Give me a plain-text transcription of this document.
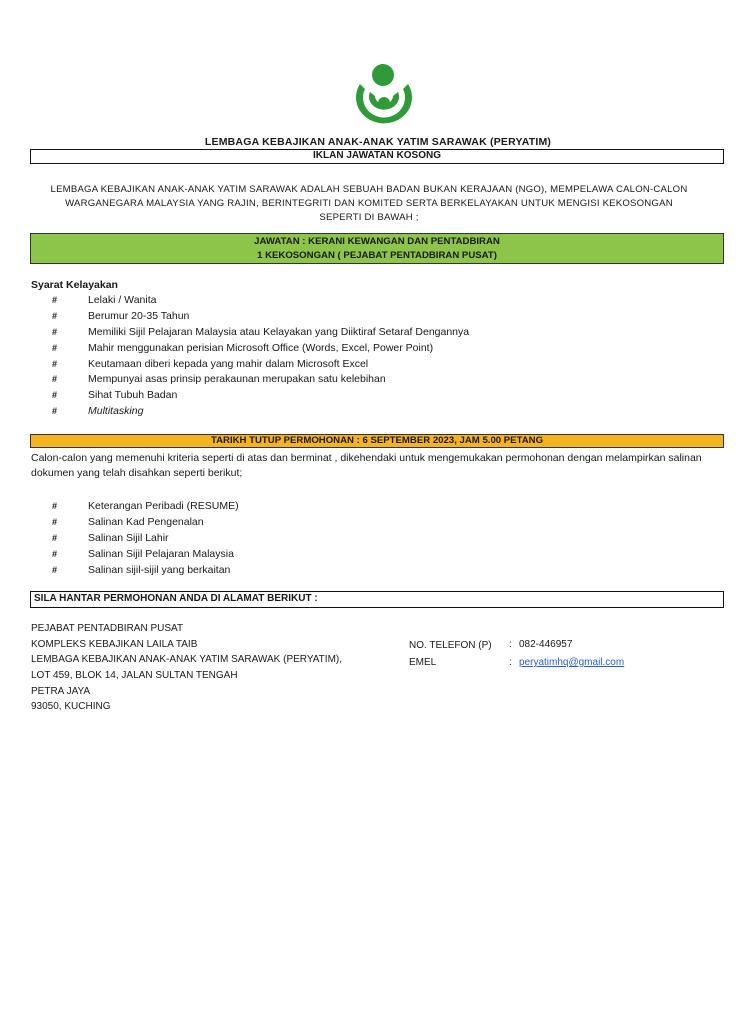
LEMBAGA KEBAJIKAN ANAK-ANAK YATIM SARAWAK (PERYATIM)
IKLAN JAWATAN KOSONG
LEMBAGA KEBAJIKAN ANAK-ANAK YATIM SARAWAK ADALAH SEBUAH BADAN BUKAN KERAJAAN (NGO), MEMPELAWA CALON-CALON WARGANEGARA MALAYSIA YANG RAJIN, BERINTEGRITI DAN KOMITED SERTA BERKELAYAKAN UNTUK MENGISI KEKOSONGAN SEPERTI DI BAWAH ;
JAWATAN : KERANI KEWANGAN DAN PENTADBIRAN
1 KEKOSONGAN ( PEJABAT PENTADBIRAN PUSAT)
Syarat Kelayakan
#	Lelaki / Wanita
#	Berumur 20-35 Tahun
#	Memiliki Sijil Pelajaran Malaysia atau Kelayakan yang Diiktiraf Setaraf Dengannya
#	Mahir menggunakan perisian Microsoft Office (Words, Excel, Power Point)
#	Keutamaan diberi kepada yang mahir dalam Microsoft Excel
#	Mempunyai asas prinsip perakaunan merupakan satu kelebihan
#	Sihat Tubuh Badan
#	Multitasking
TARIKH TUTUP PERMOHONAN : 6 SEPTEMBER 2023, JAM 5.00 PETANG
Calon-calon yang memenuhi kriteria seperti di atas dan berminat , dikehendaki untuk mengemukakan permohonan dengan melampirkan salinan dokumen yang telah disahkan seperti berikut;
#	Keterangan Peribadi (RESUME)
#	Salinan Kad Pengenalan
#	Salinan Sijil Lahir
#	Salinan Sijil Pelajaran Malaysia
#	Salinan sijil-sijil yang berkaitan
SILA HANTAR PERMOHONAN ANDA DI ALAMAT BERIKUT :
PEJABAT PENTADBIRAN PUSAT
KOMPLEKS KEBAJIKAN LAILA TAIB
LEMBAGA KEBAJIKAN ANAK-ANAK YATIM SARAWAK (PERYATIM),
LOT 459, BLOK 14, JALAN SULTAN TENGAH
PETRA JAYA
93050, KUCHING
NO. TELEFON (P) : 082-446957
EMEL	: peryatimhq@gmail.com
